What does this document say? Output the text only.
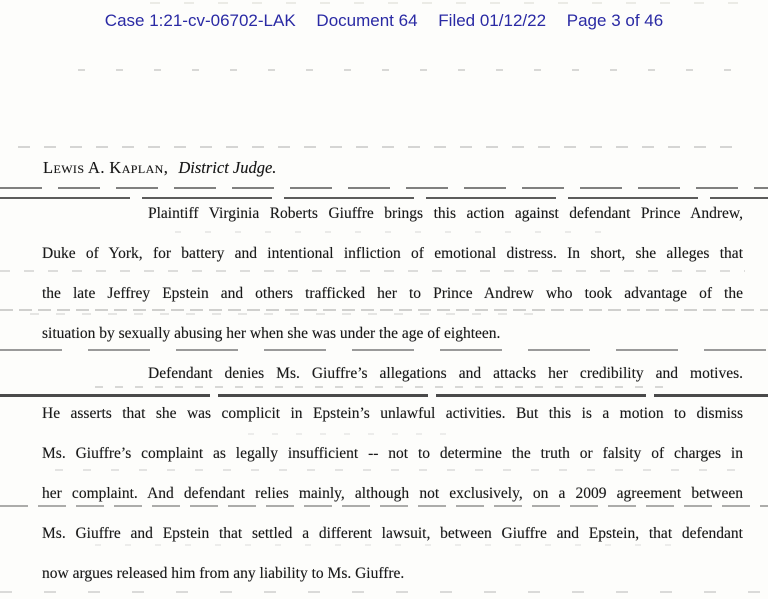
Case 1:21-cv-06702-LAK Document 64 Filed 01/12/22 Page 3 of 46
Lewis A. Kaplan, District Judge.
Plaintiff Virginia Roberts Giuffre brings this action against defendant Prince Andrew,
Duke of York, for battery and intentional infliction of emotional distress. In short, she alleges that
the late Jeffrey Epstein and others trafficked her to Prince Andrew who took advantage of the
situation by sexually abusing her when she was under the age of eighteen.
Defendant denies Ms. Giuffre’s allegations and attacks her credibility and motives.
He asserts that she was complicit in Epstein’s unlawful activities. But this is a motion to dismiss
Ms. Giuffre’s complaint as legally insufficient -- not to determine the truth or falsity of charges in
her complaint. And defendant relies mainly, although not exclusively, on a 2009 agreement between
Ms. Giuffre and Epstein that settled a different lawsuit, between Giuffre and Epstein, that defendant
now argues released him from any liability to Ms. Giuffre.
